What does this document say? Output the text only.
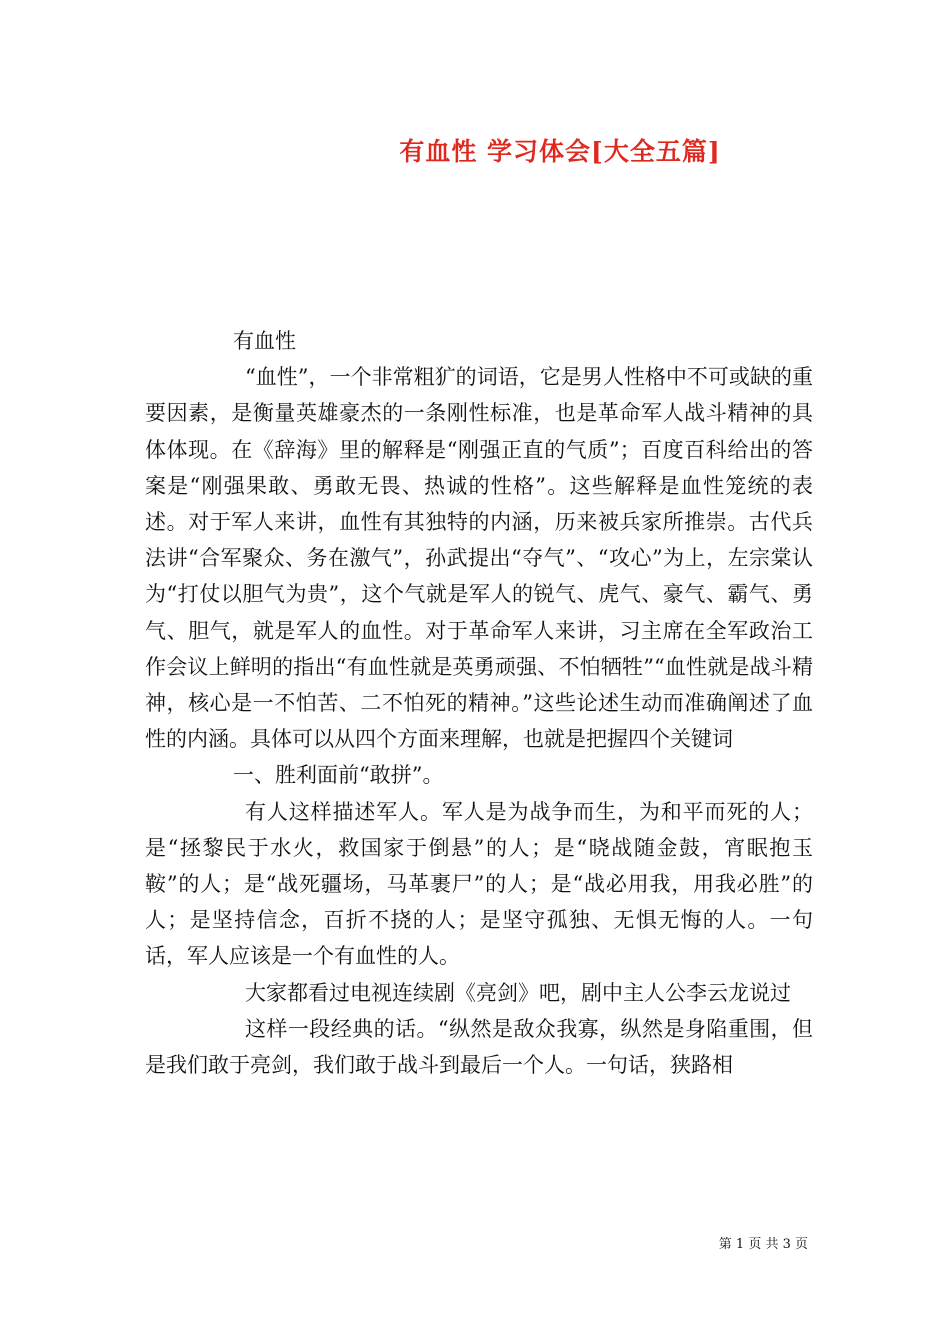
有血性 学习体会[大全五篇]

有血性

“血性”，一个非常粗犷的词语，它是男人性格中不可或缺的重要因素，是衡量英雄豪杰的一条刚性标准，也是革命军人战斗精神的具体体现。在《辞海》里的解释是“刚强正直的气质”；百度百科给出的答案是“刚强果敢、勇敢无畏、热诚的性格”。这些解释是血性笼统的表述。对于军人来讲，血性有其独特的内涵，历来被兵家所推崇。古代兵法讲“合军聚众、务在激气”，孙武提出“夺气”、“攻心”为上，左宗棠认为“打仗以胆气为贵”，这个气就是军人的锐气、虎气、豪气、霸气、勇气、胆气，就是军人的血性。对于革命军人来讲，习主席在全军政治工作会议上鲜明的指出“有血性就是英勇顽强、不怕牺牲”“血性就是战斗精神，核心是一不怕苦、二不怕死的精神。”这些论述生动而准确阐述了血性的内涵。具体可以从四个方面来理解，也就是把握四个关键词

一、胜利面前“敢拼”。

有人这样描述军人。军人是为战争而生，为和平而死的人；是“拯黎民于水火，救国家于倒悬”的人；是“晓战随金鼓，宵眠抱玉鞍”的人；是“战死疆场，马革裹尸”的人；是“战必用我，用我必胜”的人；是坚持信念，百折不挠的人；是坚守孤独、无惧无悔的人。一句话，军人应该是一个有血性的人。

大家都看过电视连续剧《亮剑》吧，剧中主人公李云龙说过

这样一段经典的话。“纵然是敌众我寡，纵然是身陷重围，但是我们敢于亮剑，我们敢于战斗到最后一个人。一句话，狭路相

第 1 页 共 3 页
